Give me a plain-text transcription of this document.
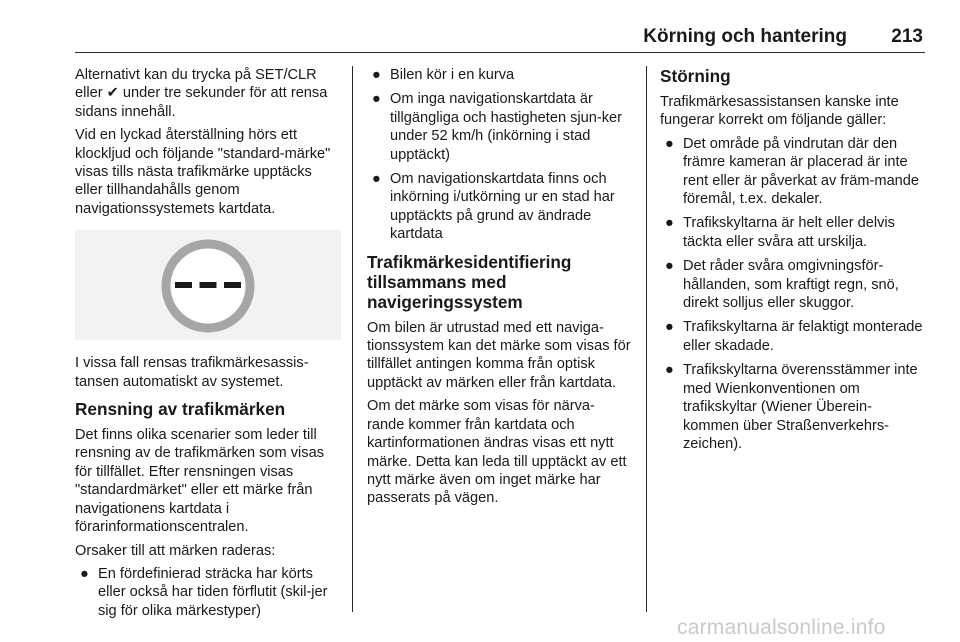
Körning och hantering 213

Alternativt kan du trycka på SET/CLR eller ✔ under tre sekunder för att rensa sidans innehåll.

Vid en lyckad återställning hörs ett klockljud och följande "standard-märke" visas tills nästa trafikmärke upptäcks eller tillhandahålls genom navigationssystemets kartdata.

I vissa fall rensas trafikmärkesassis-tansen automatiskt av systemet.

Rensning av trafikmärken

Det finns olika scenarier som leder till rensning av de trafikmärken som visas för tillfället. Efter rensningen visas "standardmärket" eller ett märke från navigationens kartdata i förarinformationscentralen.

Orsaker till att märken raderas:

● En fördefinierad sträcka har körts eller också har tiden förflutit (skil-jer sig för olika märkestyper)
● Bilen kör i en kurva
● Om inga navigationskartdata är tillgängliga och hastigheten sjun-ker under 52 km/h (inkörning i stad upptäckt)
● Om navigationskartdata finns och inkörning i/utkörning ur en stad har upptäckts på grund av ändrade kartdata
Trafikmärkesidentifiering tillsammans med navigeringssystem

Om bilen är utrustad med ett naviga-tionssystem kan det märke som visas för tillfället antingen komma från optisk upptäckt av märken eller från kartdata.

Om det märke som visas för närva-rande kommer från kartdata och kartinformationen ändras visas ett nytt märke. Detta kan leda till upptäckt av ett nytt märke även om inget märke har passerats på vägen.

Störning

Trafikmärkesassistansen kanske inte fungerar korrekt om följande gäller:

● Det område på vindrutan där den främre kameran är placerad är inte rent eller är påverkat av främ-mande föremål, t.ex. dekaler.
● Trafikskyltarna är helt eller delvis täckta eller svåra att urskilja.
● Det råder svåra omgivningsför-hållanden, som kraftigt regn, snö, direkt solljus eller skuggor.
● Trafikskyltarna är felaktigt monterade eller skadade.
● Trafikskyltarna överensstämmer inte med Wienkonventionen om trafikskyltar (Wiener Überein-kommen über Straßenverkehrs-zeichen).
carmanualsonline.info
